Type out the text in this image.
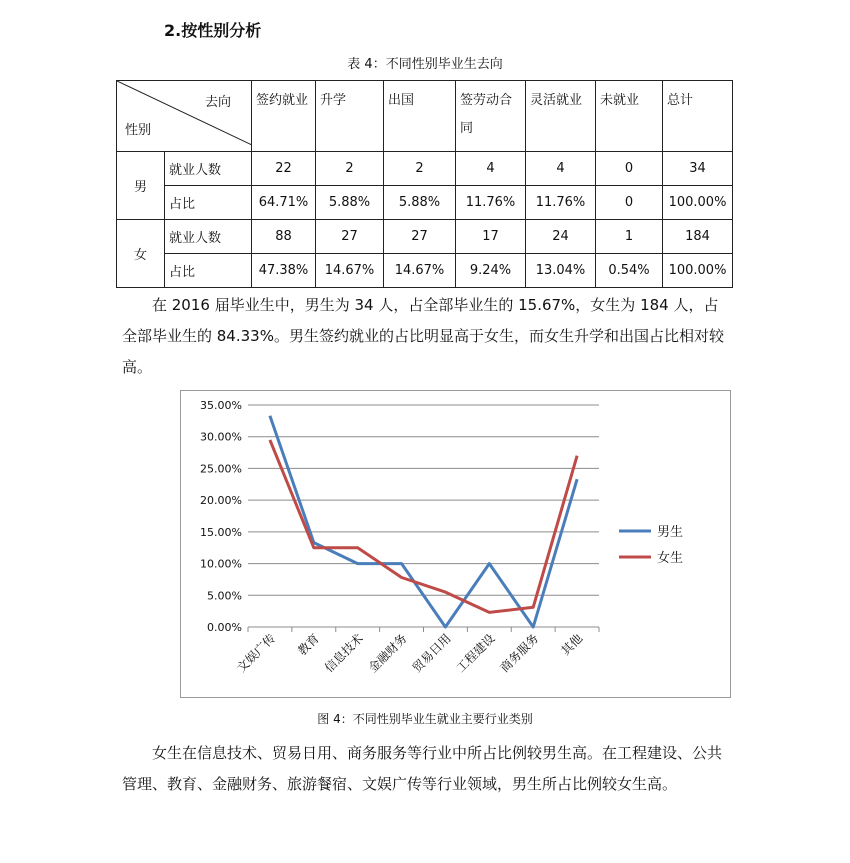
2.按性别分析
表 4：不同性别毕业生去向
去向
性别		签约就业	升学	出国	签劳动合同	灵活就业	未就业	总计
男	就业人数	22	2	2	4	4	0	34
	占比	64.71%	5.88%	5.88%	11.76%	11.76%	0	100.00%
女	就业人数	88	27	27	17	24	1	184
	占比	47.38%	14.67%	14.67%	9.24%	13.04%	0.54%	100.00%
在 2016 届毕业生中，男生为 34 人，占全部毕业生的 15.67%，女生为 184 人，占全部毕业生的 84.33%。男生签约就业的占比明显高于女生，而女生升学和出国占比相对较高。
0.00%
5.00%
10.00%
15.00%
20.00%
25.00%
30.00%
35.00%
文娱广传 教育 信息技术 金融财务 贸易日用 工程建设 商务服务 其他
男生
女生
图 4：不同性别毕业生就业主要行业类别
女生在信息技术、贸易日用、商务服务等行业中所占比例较男生高。在工程建设、公共管理、教育、金融财务、旅游餐宿、文娱广传等行业领域，男生所占比例较女生高。
